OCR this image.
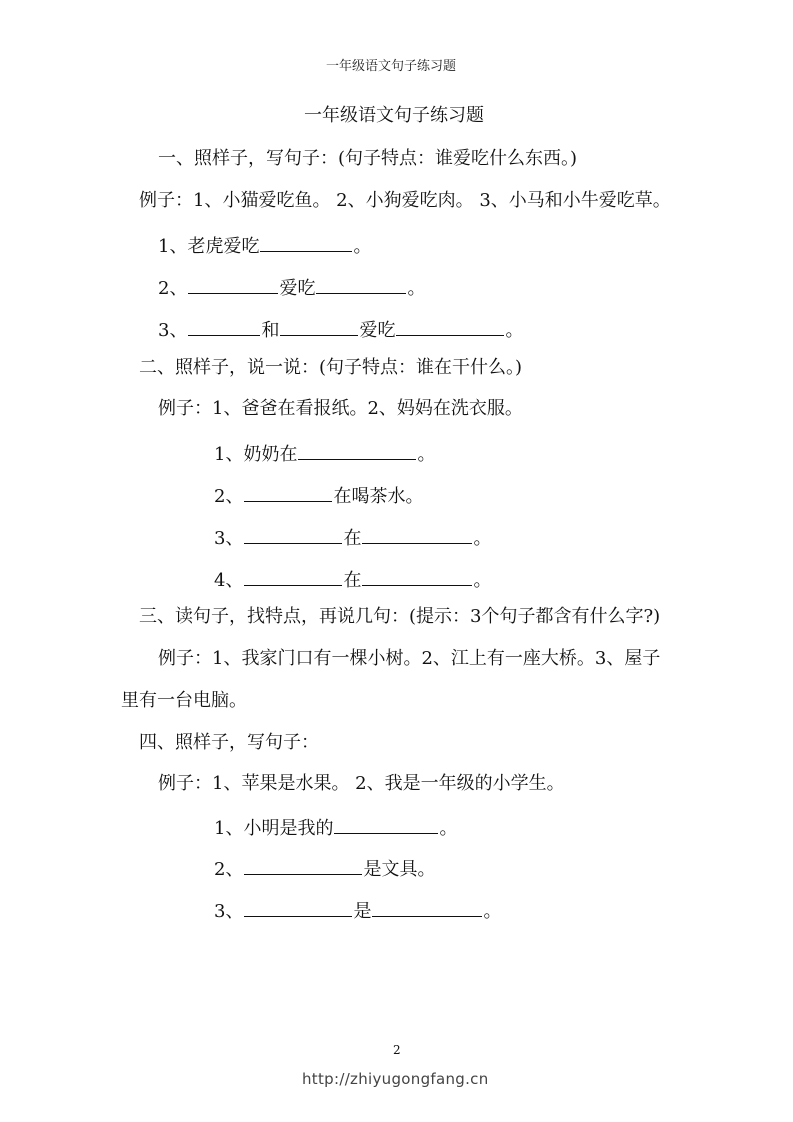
一年级语文句子练习题
一年级语文句子练习题
一、照样子，写句子：(句子特点：谁爱吃什么东西。)
例子：1、小猫爱吃鱼。 2、小狗爱吃肉。 3、小马和小牛爱吃草。
1、老虎爱吃	。
2、	爱吃	。
3、	和	爱吃	。
二、照样子，说一说：(句子特点：谁在干什么。)
例子：1、爸爸在看报纸。2、妈妈在洗衣服。
1、奶奶在	。
2、	在喝茶水。
3、	在	。
4、	在	。
三、读句子，找特点，再说几句：(提示：3个句子都含有什么字?)
例子：1、我家门口有一棵小树。2、江上有一座大桥。3、屋子
里有一台电脑。
四、照样子，写句子：
例子：1、苹果是水果。 2、我是一年级的小学生。
1、小明是我的	。
2、	是文具。
3、	是	。
2
http://zhiyugongfang.cn
